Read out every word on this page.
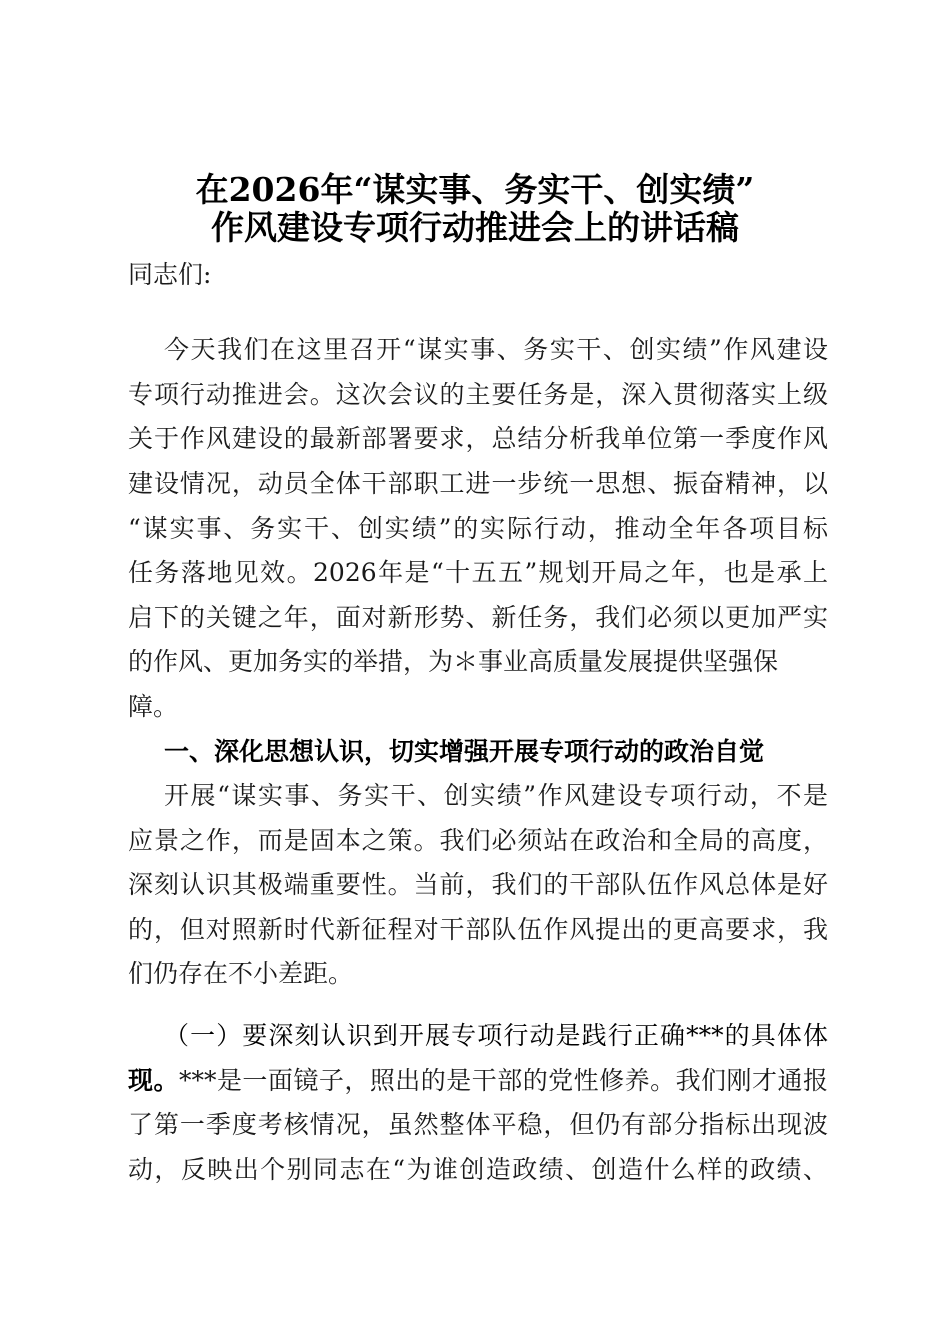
在2026年“谋实事、务实干、创实绩”
作风建设专项行动推进会上的讲话稿
同志们:
今天我们在这里召开“谋实事、务实干、创实绩”作风建设
专项行动推进会。这次会议的主要任务是，深入贯彻落实上级
关于作风建设的最新部署要求，总结分析我单位第一季度作风
建设情况，动员全体干部职工进一步统一思想、振奋精神，以
“谋实事、务实干、创实绩”的实际行动，推动全年各项目标
任务落地见效。2026年是“十五五”规划开局之年，也是承上
启下的关键之年，面对新形势、新任务，我们必须以更加严实
的作风、更加务实的举措，为＊事业高质量发展提供坚强保
障。
一、深化思想认识，切实增强开展专项行动的政治自觉
开展“谋实事、务实干、创实绩”作风建设专项行动，不是
应景之作，而是固本之策。我们必须站在政治和全局的高度，
深刻认识其极端重要性。当前，我们的干部队伍作风总体是好
的，但对照新时代新征程对干部队伍作风提出的更高要求，我
们仍存在不小差距。
（一）要深刻认识到开展专项行动是践行正确***的具体体
现。***是一面镜子，照出的是干部的党性修养。我们刚才通报
了第一季度考核情况，虽然整体平稳，但仍有部分指标出现波
动，反映出个别同志在“为谁创造政绩、创造什么样的政绩、
